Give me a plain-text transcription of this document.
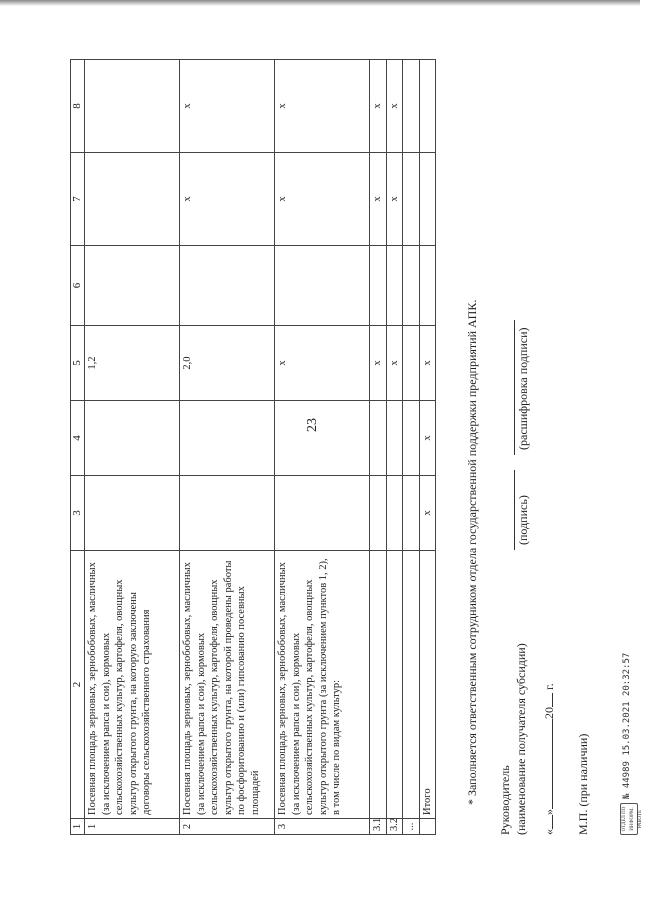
23
1	2	3	4	5	6	7	8
1	Посевная площадь зерновых, зернобобовых, масличных (за исключением рапса и сои), кормовых сельскохозяйственных культур, картофеля, овощных культур открытого грунта, на которую заключены договоры сельскохозяйственного страхования			1,2			
2	Посевная площадь зерновых, зернобобовых, масличных (за исключением рапса и сои), кормовых сельскохозяйственных культур, картофеля, овощных культур открытого грунта, на которой проведены работы по фосфоритованию и (или) гипсованию посевных площадей			2,0		x	x
3	Посевная площадь зерновых, зернобобовых, масличных (за исключением рапса и сои), кормовых сельскохозяйственных культур, картофеля, овощных культур открытого грунта (за исключением пунктов 1, 2), в том числе по видам культур:			x		x	x
3.1				x		x	x
3.2				x		x	x
...							
	Итого	x	x	x				* Заполняется ответственным сотрудником отдела государственной поддержки предприятий АПК. Руководитель (наименование получателя субсидии)
(подпись)
(расшифровка подписи)
«»20 г.
М.П. (при наличии)	ОТДЕЛ ПО ИНФОРМ. РАБОТЕ
№ 44989 15.03.2021 20:32:57
